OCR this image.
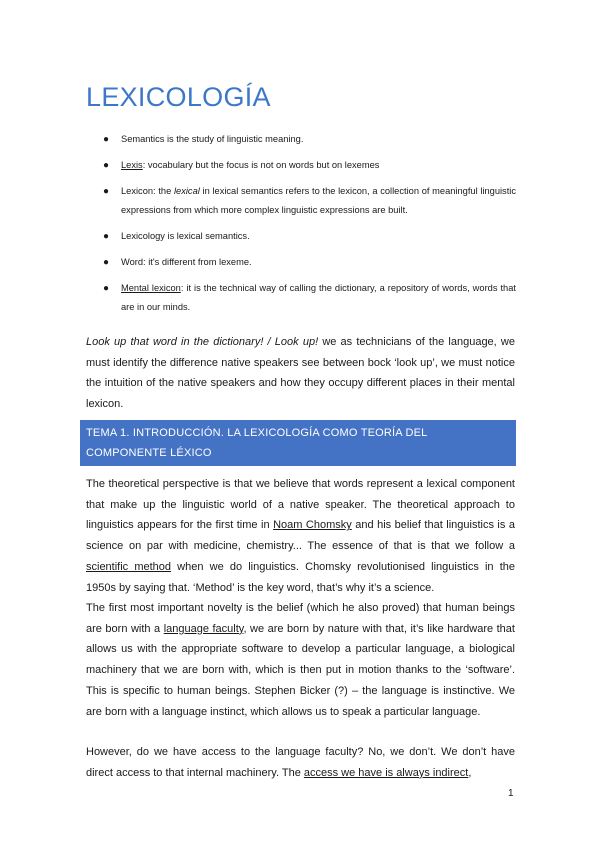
LEXICOLOGÍA
● Semantics is the study of linguistic meaning.
● Lexis: vocabulary but the focus is not on words but on lexemes
● Lexicon: the lexical in lexical semantics refers to the lexicon, a collection of meaningful linguistic expressions from which more complex linguistic expressions are built.
● Lexicology is lexical semantics.
● Word: it's different from lexeme.
● Mental lexicon: it is the technical way of calling the dictionary, a repository of words, words that are in our minds.

Look up that word in the dictionary! / Look up! we as technicians of the language, we must identify the difference native speakers see between bock ‘look up’, we must notice the intuition of the native speakers and how they occupy different places in their mental lexicon.

TEMA 1. INTRODUCCIÓN. LA LEXICOLOGÍA COMO TEORÍA DEL COMPONENTE LÉXICO

The theoretical perspective is that we believe that words represent a lexical component that make up the linguistic world of a native speaker. The theoretical approach to linguistics appears for the first time in Noam Chomsky and his belief that linguistics is a science on par with medicine, chemistry... The essence of that is that we follow a scientific method when we do linguistics. Chomsky revolutionised linguistics in the 1950s by saying that. ‘Method’ is the key word, that’s why it’s a science.

The first most important novelty is the belief (which he also proved) that human beings are born with a language faculty, we are born by nature with that, it’s like hardware that allows us with the appropriate software to develop a particular language, a biological machinery that we are born with, which is then put in motion thanks to the ‘software’. This is specific to human beings. Stephen Bicker (?) – the language is instinctive. We are born with a language instinct, which allows us to speak a particular language.

However, do we have access to the language faculty? No, we don’t. We don’t have direct access to that internal machinery. The access we have is always indirect,

1
